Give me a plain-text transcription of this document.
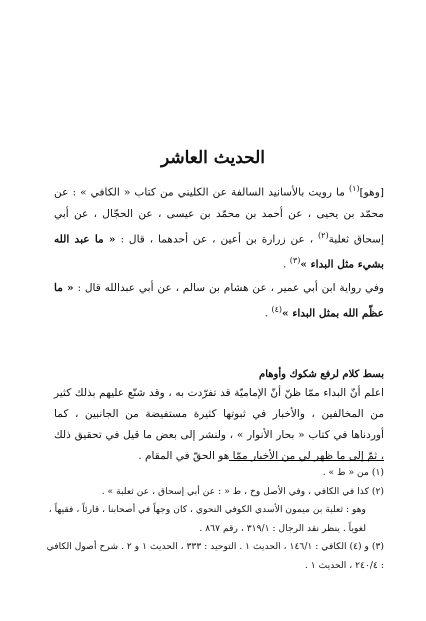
الحديث العاشر
[وهو]$^{(١)}$ ما رويت بالأسانيد السالفة عن الكليني من كتاب « الكافي » : عن محمّد بن يحيى ، عن أحمد بن محمّد بن عيسى ، عن الحجّال ، عن أبي إسحاق ثعلبة$^{(٢)}$ ، عن زرارة بن أعين ، عن أحدهما ، قال : « ما عبد الله بشيء مثل البداء »$^{(٣)}$ .
وفي رواية ابن أبي عمير ، عن هشام بن سالم ، عن أبي عبدالله قال : « ما عظّم الله بمثل البداء »$^{(٤)}$ .
بسط كلام لرفع شكوك وأوهام
اعلم أنّ البداء ممّا ظنّ أنّ الإماميّة قد تفرّدت به ، وقد شنّع عليهم بذلك كثير من المخالفين ، والأخبار في ثبوتها كثيرة مستفيضة من الجانبين ، كما أوردناها في كتاب « بحار الأنوار » ، ولنشر إلى بعض ما قيل في تحقيق ذلك ، ثمّ إلى ما ظهر لي من الأخبار ممّا هو الحقّ في المقام .

(١) من « ط » .

(٢) كذا في الكافي ، وفي الأصل وخ ، ط « : عن أبي إسحاق ، عن ثعلبة » .

وهو : ثعلبة بن ميمون الأسدي الكوفي النحوي ، كان وجهاً في أصحابنا ، قارئاً ، فقيهاً ، لغوياً . ينظر نقد الرجال : ٣١٩/١ ، رقم ٨٦٧ .

(٣) و (٤) الكافي : ١٤٦/١ ، الحديث ١ . التوحيد : ٣٣٣ ، الحديث ١ و ٢ . شرح أصول الكافي : ٢٤٠/٤ ، الحديث ١ .
